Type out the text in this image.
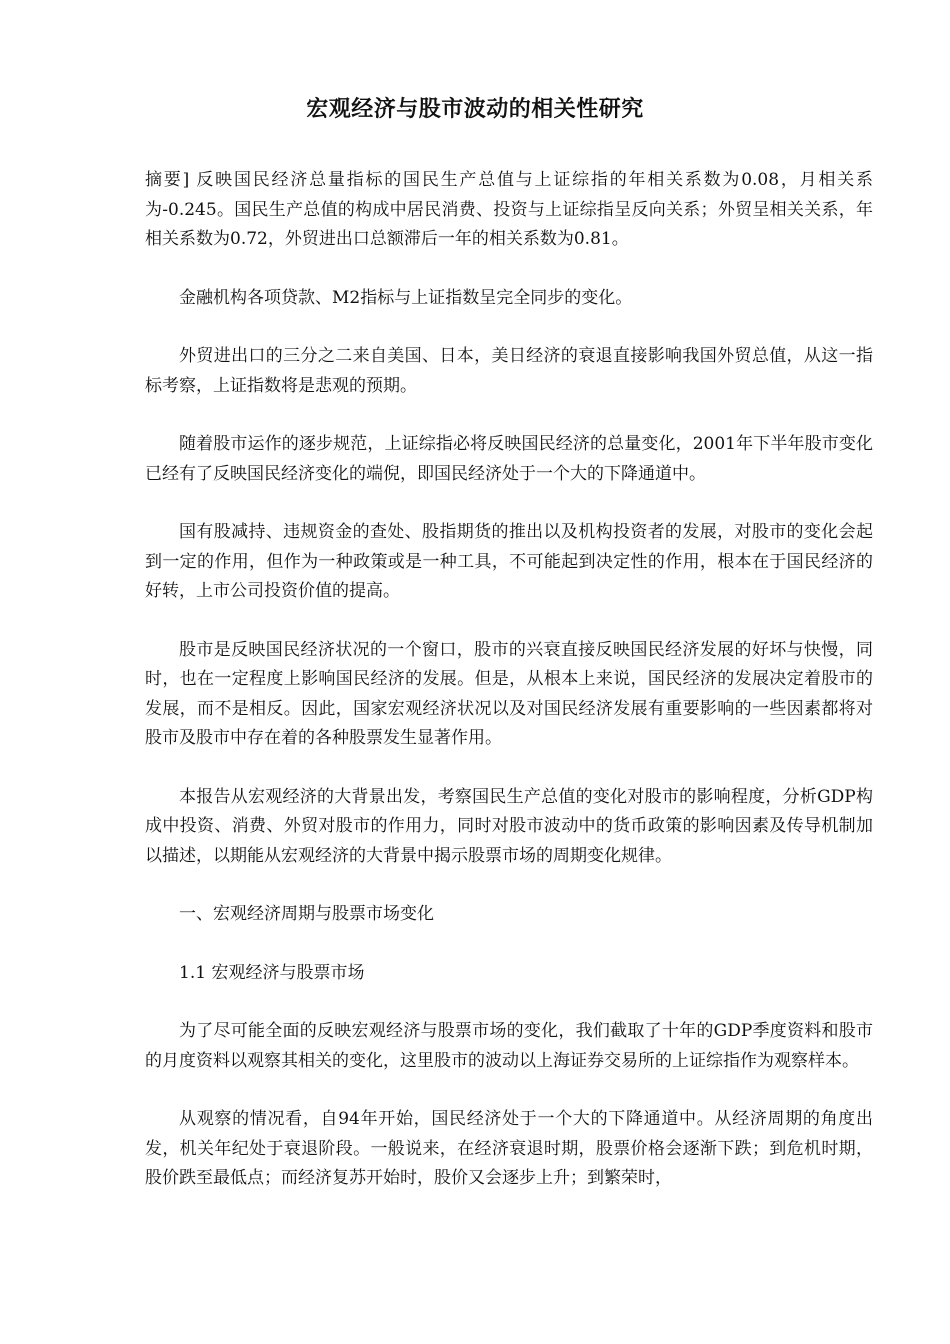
宏观经济与股市波动的相关性研究

摘要] 反映国民经济总量指标的国民生产总值与上证综指的年相关系数为0.08，月相关系为-0.245。国民生产总值的构成中居民消费、投资与上证综指呈反向关系；外贸呈相关关系，年相关系数为0.72，外贸进出口总额滞后一年的相关系数为0.81。

金融机构各项贷款、M2指标与上证指数呈完全同步的变化。

外贸进出口的三分之二来自美国、日本，美日经济的衰退直接影响我国外贸总值，从这一指标考察，上证指数将是悲观的预期。

随着股市运作的逐步规范，上证综指必将反映国民经济的总量变化，2001年下半年股市变化已经有了反映国民经济变化的端倪，即国民经济处于一个大的下降通道中。

国有股减持、违规资金的查处、股指期货的推出以及机构投资者的发展，对股市的变化会起到一定的作用，但作为一种政策或是一种工具，不可能起到决定性的作用，根本在于国民经济的好转，上市公司投资价值的提高。

股市是反映国民经济状况的一个窗口，股市的兴衰直接反映国民经济发展的好坏与快慢，同时，也在一定程度上影响国民经济的发展。但是，从根本上来说，国民经济的发展决定着股市的发展，而不是相反。因此，国家宏观经济状况以及对国民经济发展有重要影响的一些因素都将对股市及股市中存在着的各种股票发生显著作用。

本报告从宏观经济的大背景出发，考察国民生产总值的变化对股市的影响程度，分析GDP构成中投资、消费、外贸对股市的作用力，同时对股市波动中的货币政策的影响因素及传导机制加以描述，以期能从宏观经济的大背景中揭示股票市场的周期变化规律。

一、宏观经济周期与股票市场变化

1.1 宏观经济与股票市场

为了尽可能全面的反映宏观经济与股票市场的变化，我们截取了十年的GDP季度资料和股市的月度资料以观察其相关的变化，这里股市的波动以上海证券交易所的上证综指作为观察样本。

从观察的情况看，自94年开始，国民经济处于一个大的下降通道中。从经济周期的角度出发，机关年纪处于衰退阶段。一般说来，在经济衰退时期，股票价格会逐渐下跌；到危机时期，股价跌至最低点；而经济复苏开始时，股价又会逐步上升；到繁荣时，
